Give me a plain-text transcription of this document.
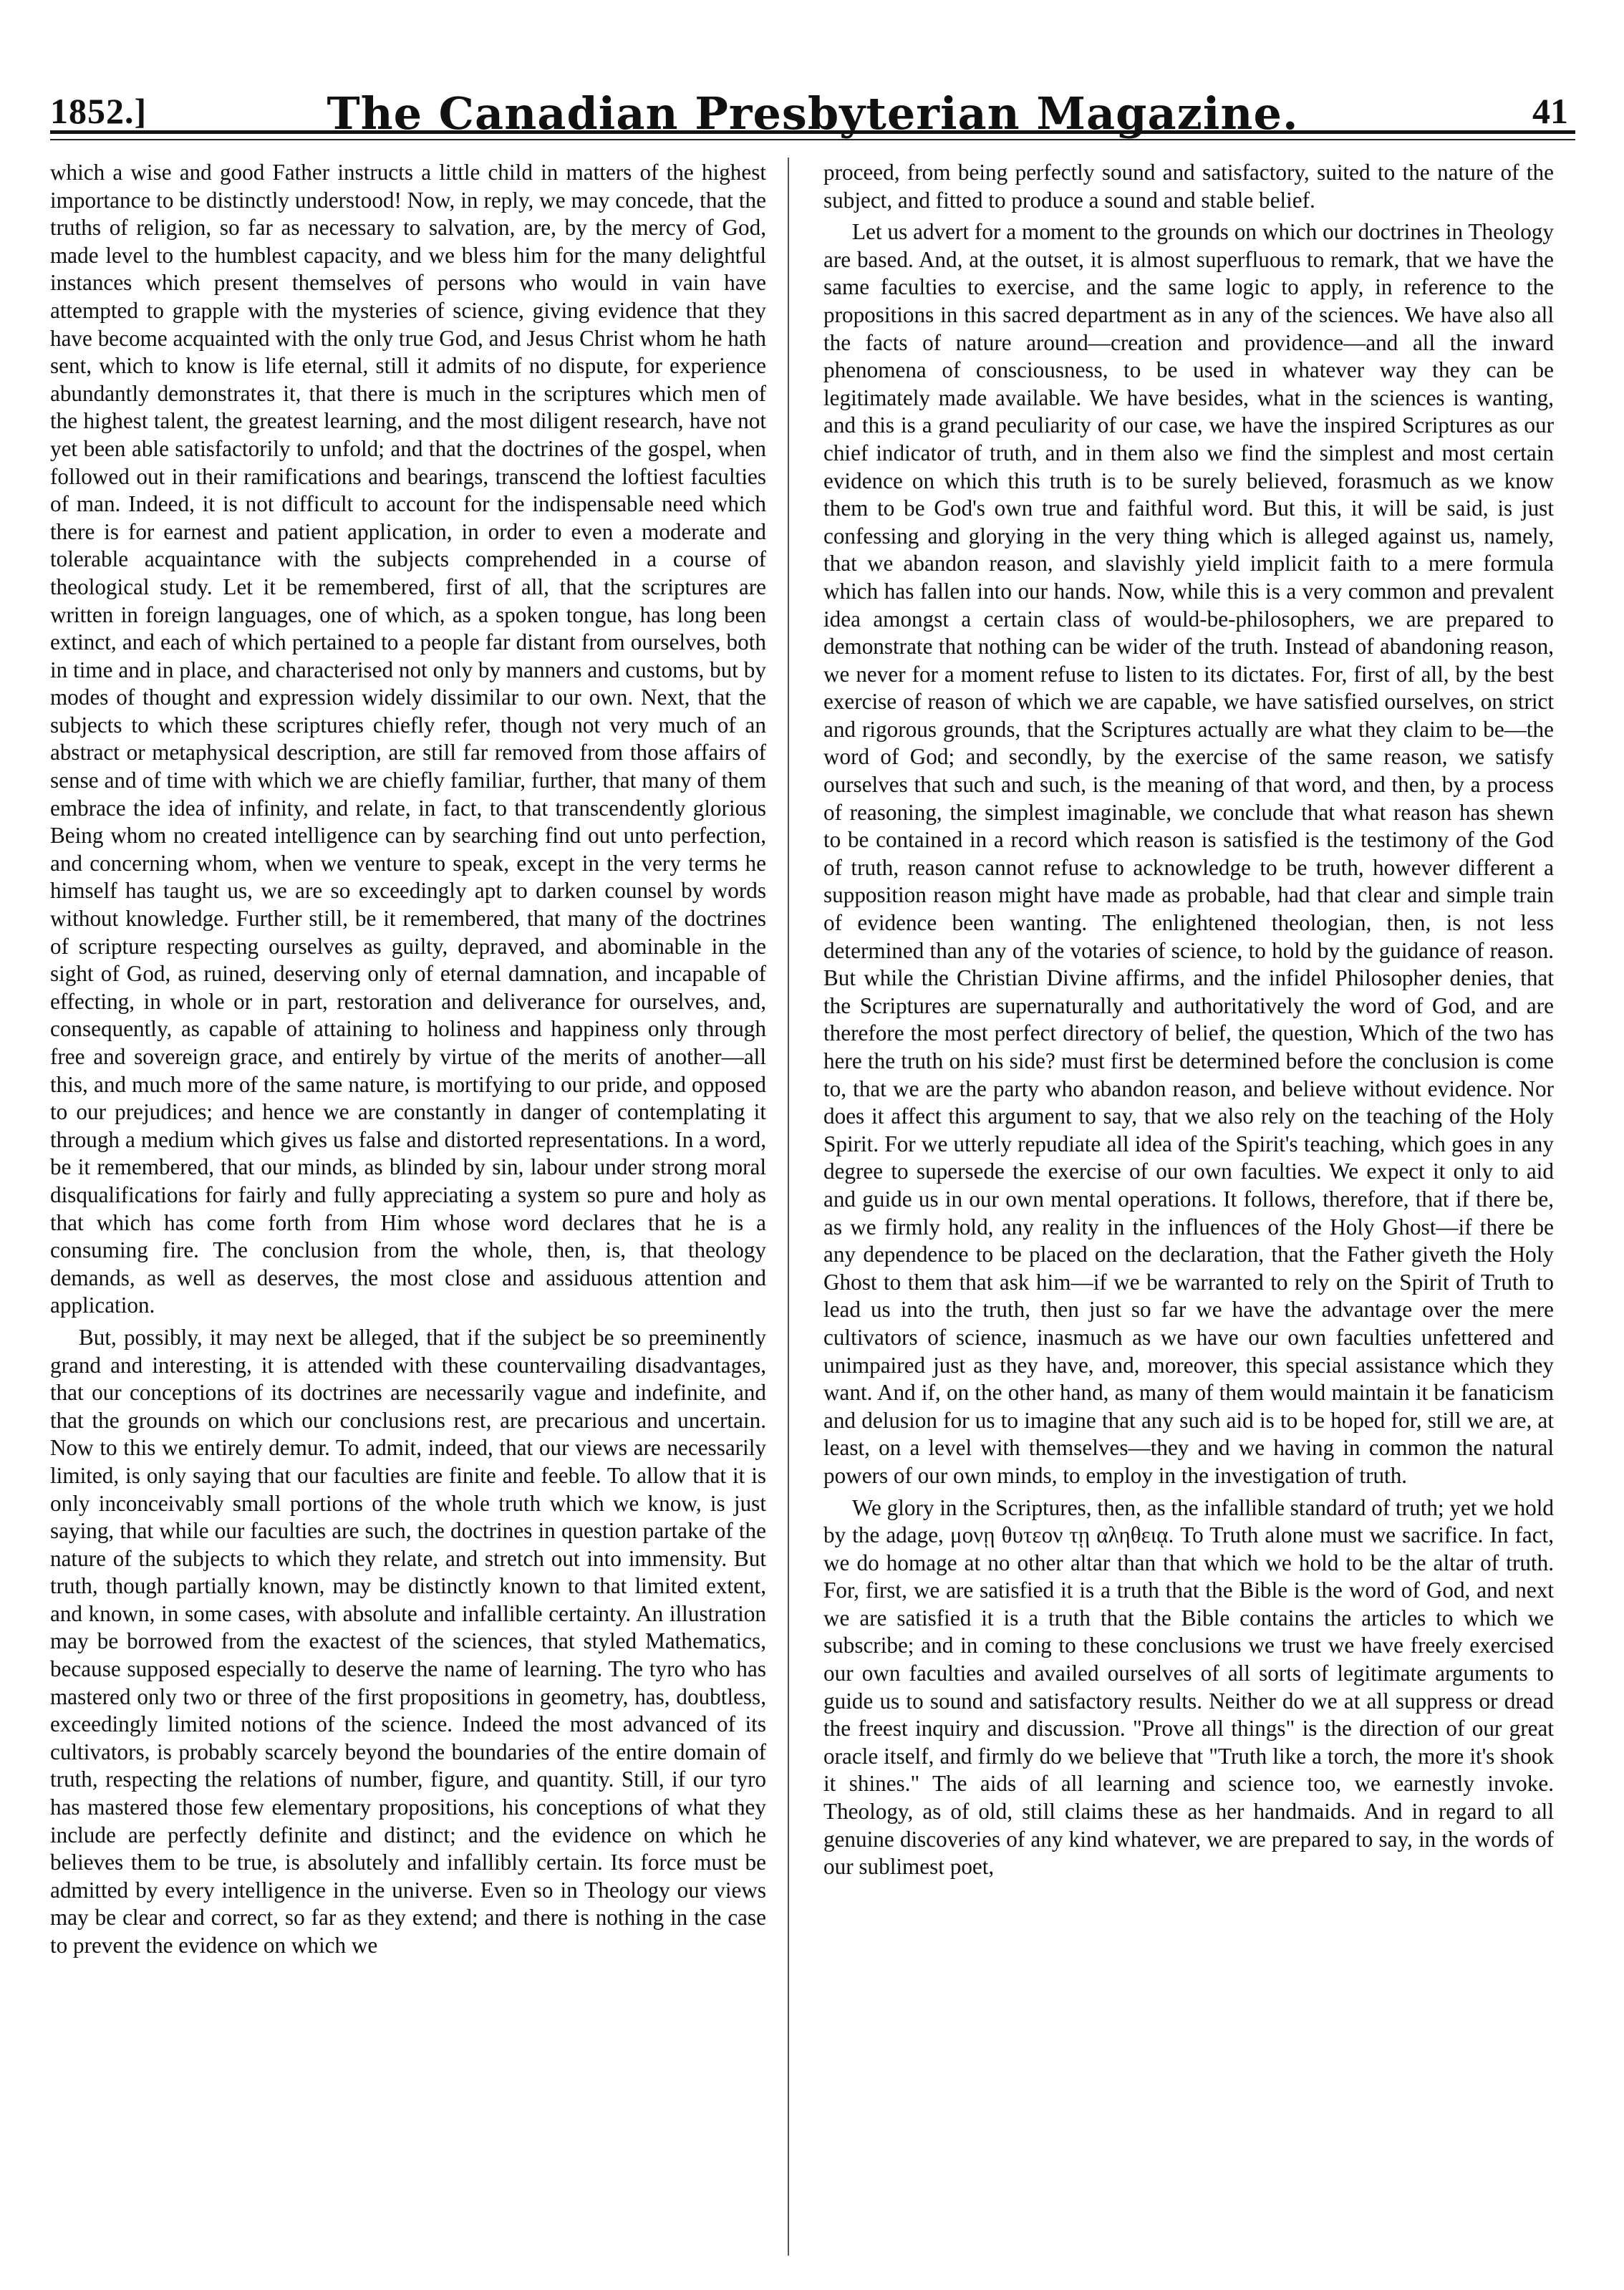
1852.]	The Canadian Presbyterian Magazine.	41

which a wise and good Father instructs a little child in matters of the highest importance to be distinctly understood! Now, in reply, we may concede, that the truths of religion, so far as necessary to salvation, are, by the mercy of God, made level to the humblest capacity, and we bless him for the many delightful instances which present themselves of persons who would in vain have attempted to grapple with the mysteries of science, giving evidence that they have become acquainted with the only true God, and Jesus Christ whom he hath sent, which to know is life eternal, still it admits of no dispute, for experience abundantly demonstrates it, that there is much in the scriptures which men of the highest talent, the greatest learning, and the most diligent research, have not yet been able satisfactorily to unfold; and that the doctrines of the gospel, when followed out in their ramifications and bearings, transcend the loftiest faculties of man. Indeed, it is not difficult to account for the indispensable need which there is for earnest and patient application, in order to even a moderate and tolerable acquaintance with the subjects comprehended in a course of theological study. Let it be remembered, first of all, that the scriptures are written in foreign languages, one of which, as a spoken tongue, has long been extinct, and each of which pertained to a people far distant from ourselves, both in time and in place, and characterised not only by manners and customs, but by modes of thought and expression widely dissimilar to our own. Next, that the subjects to which these scriptures chiefly refer, though not very much of an abstract or metaphysical description, are still far removed from those affairs of sense and of time with which we are chiefly familiar, further, that many of them embrace the idea of infinity, and relate, in fact, to that transcendently glorious Being whom no created intelligence can by searching find out unto perfection, and concerning whom, when we venture to speak, except in the very terms he himself has taught us, we are so exceedingly apt to darken counsel by words without knowledge. Further still, be it remembered, that many of the doctrines of scripture respecting ourselves as guilty, depraved, and abominable in the sight of God, as ruined, deserving only of eternal damnation, and incapable of effecting, in whole or in part, restoration and deliverance for ourselves, and, consequently, as capable of attaining to holiness and happiness only through free and sovereign grace, and entirely by virtue of the merits of another—all this, and much more of the same nature, is mortifying to our pride, and opposed to our prejudices; and hence we are constantly in danger of contemplating it through a medium which gives us false and distorted representations. In a word, be it remembered, that our minds, as blinded by sin, labour under strong moral disqualifications for fairly and fully appreciating a system so pure and holy as that which has come forth from Him whose word declares that he is a consuming fire. The conclusion from the whole, then, is, that theology demands, as well as deserves, the most close and assiduous attention and application.

But, possibly, it may next be alleged, that if the subject be so preeminently grand and interesting, it is attended with these countervailing disadvantages, that our conceptions of its doctrines are necessarily vague and indefinite, and that the grounds on which our conclusions rest, are precarious and uncertain. Now to this we entirely demur. To admit, indeed, that our views are necessarily limited, is only saying that our faculties are finite and feeble. To allow that it is only inconceivably small portions of the whole truth which we know, is just saying, that while our faculties are such, the doctrines in question partake of the nature of the subjects to which they relate, and stretch out into immensity. But truth, though partially known, may be distinctly known to that limited extent, and known, in some cases, with absolute and infallible certainty. An illustration may be borrowed from the exactest of the sciences, that styled Mathematics, because supposed especially to deserve the name of learning. The tyro who has mastered only two or three of the first propositions in geometry, has, doubtless, exceedingly limited notions of the science. Indeed the most advanced of its cultivators, is probably scarcely beyond the boundaries of the entire domain of truth, respecting the relations of number, figure, and quantity. Still, if our tyro has mastered those few elementary propositions, his conceptions of what they include are perfectly definite and distinct; and the evidence on which he believes them to be true, is absolutely and infallibly certain. Its force must be admitted by every intelligence in the universe. Even so in Theology our views may be clear and correct, so far as they extend; and there is nothing in the case to prevent the evidence on which we

proceed, from being perfectly sound and satisfactory, suited to the nature of the subject, and fitted to produce a sound and stable belief.

Let us advert for a moment to the grounds on which our doctrines in Theology are based. And, at the outset, it is almost superfluous to remark, that we have the same faculties to exercise, and the same logic to apply, in reference to the propositions in this sacred department as in any of the sciences. We have also all the facts of nature around—creation and providence—and all the inward phenomena of consciousness, to be used in whatever way they can be legitimately made available. We have besides, what in the sciences is wanting, and this is a grand peculiarity of our case, we have the inspired Scriptures as our chief indicator of truth, and in them also we find the simplest and most certain evidence on which this truth is to be surely believed, forasmuch as we know them to be God's own true and faithful word. But this, it will be said, is just confessing and glorying in the very thing which is alleged against us, namely, that we abandon reason, and slavishly yield implicit faith to a mere formula which has fallen into our hands. Now, while this is a very common and prevalent idea amongst a certain class of would-be-philosophers, we are prepared to demonstrate that nothing can be wider of the truth. Instead of abandoning reason, we never for a moment refuse to listen to its dictates. For, first of all, by the best exercise of reason of which we are capable, we have satisfied ourselves, on strict and rigorous grounds, that the Scriptures actually are what they claim to be—the word of God; and secondly, by the exercise of the same reason, we satisfy ourselves that such and such, is the meaning of that word, and then, by a process of reasoning, the simplest imaginable, we conclude that what reason has shewn to be contained in a record which reason is satisfied is the testimony of the God of truth, reason cannot refuse to acknowledge to be truth, however different a supposition reason might have made as probable, had that clear and simple train of evidence been wanting. The enlightened theologian, then, is not less determined than any of the votaries of science, to hold by the guidance of reason. But while the Christian Divine affirms, and the infidel Philosopher denies, that the Scriptures are supernaturally and authoritatively the word of God, and are therefore the most perfect directory of belief, the question, Which of the two has here the truth on his side? must first be determined before the conclusion is come to, that we are the party who abandon reason, and believe without evidence. Nor does it affect this argument to say, that we also rely on the teaching of the Holy Spirit. For we utterly repudiate all idea of the Spirit's teaching, which goes in any degree to supersede the exercise of our own faculties. We expect it only to aid and guide us in our own mental operations. It follows, therefore, that if there be, as we firmly hold, any reality in the influences of the Holy Ghost—if there be any dependence to be placed on the declaration, that the Father giveth the Holy Ghost to them that ask him—if we be warranted to rely on the Spirit of Truth to lead us into the truth, then just so far we have the advantage over the mere cultivators of science, inasmuch as we have our own faculties unfettered and unimpaired just as they have, and, moreover, this special assistance which they want. And if, on the other hand, as many of them would maintain it be fanaticism and delusion for us to imagine that any such aid is to be hoped for, still we are, at least, on a level with themselves—they and we having in common the natural powers of our own minds, to employ in the investigation of truth.

We glory in the Scriptures, then, as the infallible standard of truth; yet we hold by the adage, μονῃ θυτεον τῃ αληθειᾳ. To Truth alone must we sacrifice. In fact, we do homage at no other altar than that which we hold to be the altar of truth. For, first, we are satisfied it is a truth that the Bible is the word of God, and next we are satisfied it is a truth that the Bible contains the articles to which we subscribe; and in coming to these conclusions we trust we have freely exercised our own faculties and availed ourselves of all sorts of legitimate arguments to guide us to sound and satisfactory results. Neither do we at all suppress or dread the freest inquiry and discussion. "Prove all things" is the direction of our great oracle itself, and firmly do we believe that "Truth like a torch, the more it's shook it shines." The aids of all learning and science too, we earnestly invoke. Theology, as of old, still claims these as her handmaids. And in regard to all genuine discoveries of any kind whatever, we are prepared to say, in the words of our sublimest poet,
